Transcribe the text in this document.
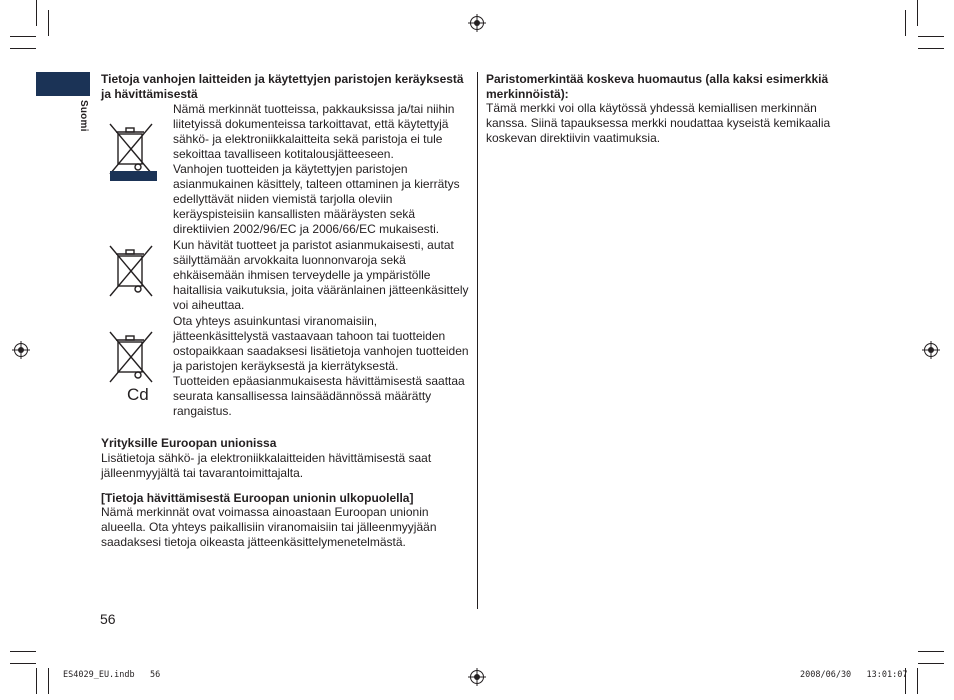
Suomi

Tietoja vanhojen laitteiden ja käytettyjen paristojen keräyksestä ja hävittämisestä

Nämä merkinnät tuotteissa, pakkauksissa ja/tai niihin liitetyissä dokumenteissa tarkoittavat, että käytettyjä sähkö- ja elektroniikkalaitteita sekä paristoja ei tule sekoittaa tavalliseen kotitalousjätteeseen.

Vanhojen tuotteiden ja käytettyjen paristojen asianmukainen käsittely, talteen ottaminen ja kierrätys edellyttävät niiden viemistä tarjolla oleviin keräyspisteisiin kansallisten määräysten sekä direktiivien 2002/96/EC ja 2006/66/EC mukaisesti.

Kun hävität tuotteet ja paristot asianmukaisesti, autat säilyttämään arvokkaita luonnonvaroja sekä ehkäisemään ihmisen terveydelle ja ympäristölle haitallisia vaikutuksia, joita vääränlainen jätteenkäsittely voi aiheuttaa.

Cd

Ota yhteys asuinkuntasi viranomaisiin, jätteenkäsittelystä vastaavaan tahoon tai tuotteiden ostopaikkaan saadaksesi lisätietoja vanhojen tuotteiden ja paristojen keräyksestä ja kierrätyksestä.

Tuotteiden epäasianmukaisesta hävittämisestä saattaa seurata kansallisessa lainsäädännössä määrätty rangaistus.

Yrityksille Euroopan unionissa

Lisätietoja sähkö- ja elektroniikkalaitteiden hävittämisestä saat jälleenmyyjältä tai tavarantoimittajalta.

[Tietoja hävittämisestä Euroopan unionin ulkopuolella]

Nämä merkinnät ovat voimassa ainoastaan Euroopan unionin alueella. Ota yhteys paikallisiin viranomaisiin tai jälleenmyyjään saadaksesi tietoja oikeasta jätteenkäsittelymenetelmästä.

Paristomerkintää koskeva huomautus (alla kaksi esimerkkiä merkinnöistä):

Tämä merkki voi olla käytössä yhdessä kemiallisen merkinnän kanssa. Siinä tapauksessa merkki noudattaa kyseistä kemikaalia koskevan direktiivin vaatimuksia.

56
ES4029_EU.indb   56	2008/06/30   13:01:07
